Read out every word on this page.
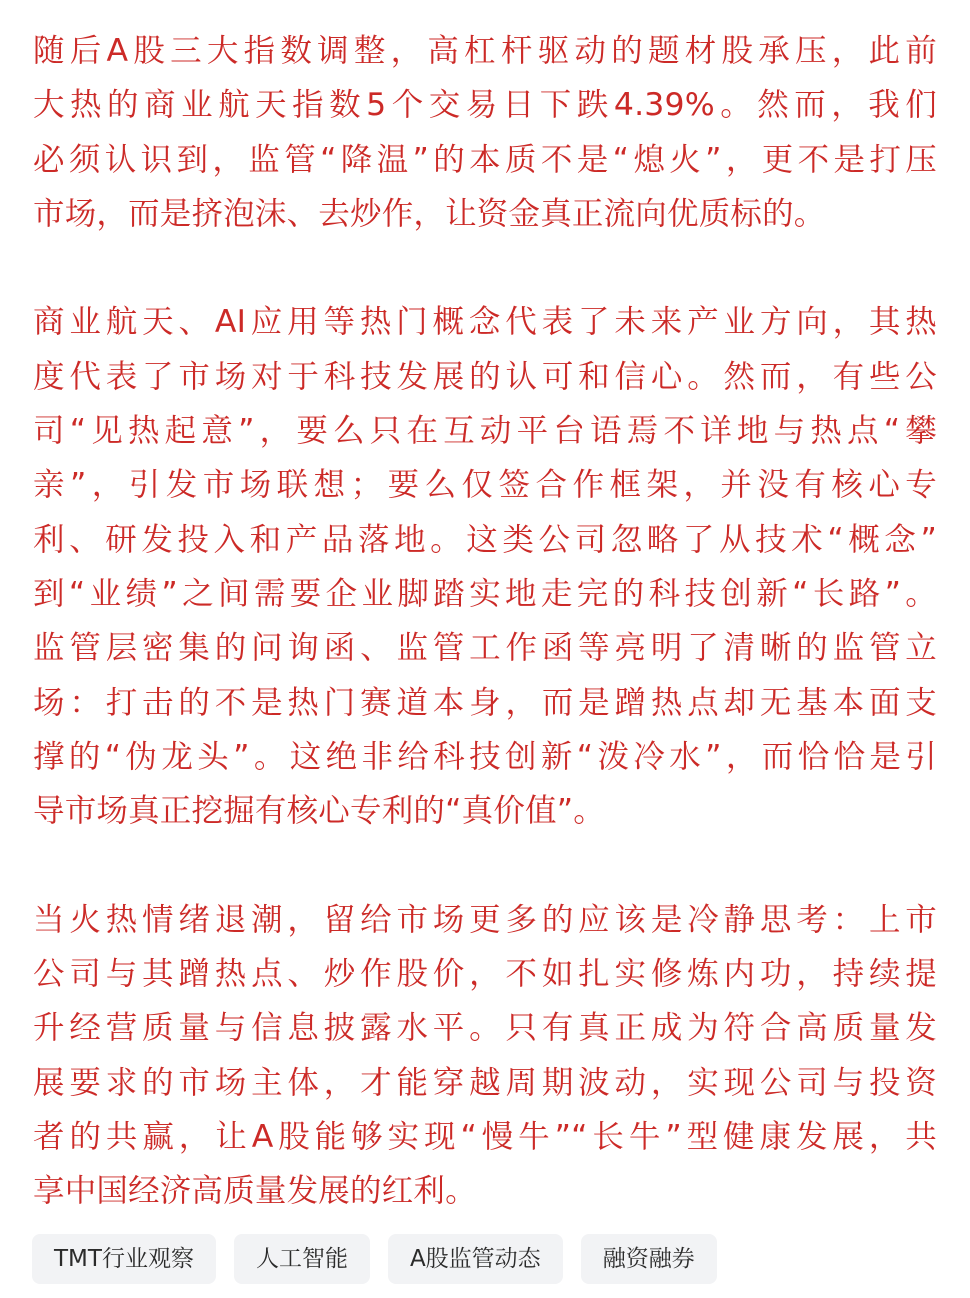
随后A股三大指数调整，高杠杆驱动的题材股承压，此前
大热的商业航天指数5个交易日下跌4.39%。然而，我们
必须认识到，监管“降温”的本质不是“熄火”，更不是打压
市场，而是挤泡沫、去炒作，让资金真正流向优质标的。

商业航天、AI应用等热门概念代表了未来产业方向，其热
度代表了市场对于科技发展的认可和信心。然而，有些公
司“见热起意”，要么只在互动平台语焉不详地与热点“攀
亲”，引发市场联想；要么仅签合作框架，并没有核心专
利、研发投入和产品落地。这类公司忽略了从技术“概念”
到“业绩”之间需要企业脚踏实地走完的科技创新“长路”。
监管层密集的问询函、监管工作函等亮明了清晰的监管立
场：打击的不是热门赛道本身，而是蹭热点却无基本面支
撑的“伪龙头”。这绝非给科技创新“泼冷水”，而恰恰是引
导市场真正挖掘有核心专利的“真价值”。

当火热情绪退潮，留给市场更多的应该是冷静思考：上市
公司与其蹭热点、炒作股价，不如扎实修炼内功，持续提
升经营质量与信息披露水平。只有真正成为符合高质量发
展要求的市场主体，才能穿越周期波动，实现公司与投资
者的共赢，让A股能够实现“慢牛”“长牛”型健康发展，共
享中国经济高质量发展的红利。

TMT行业观察	人工智能	A股监管动态	融资融券
